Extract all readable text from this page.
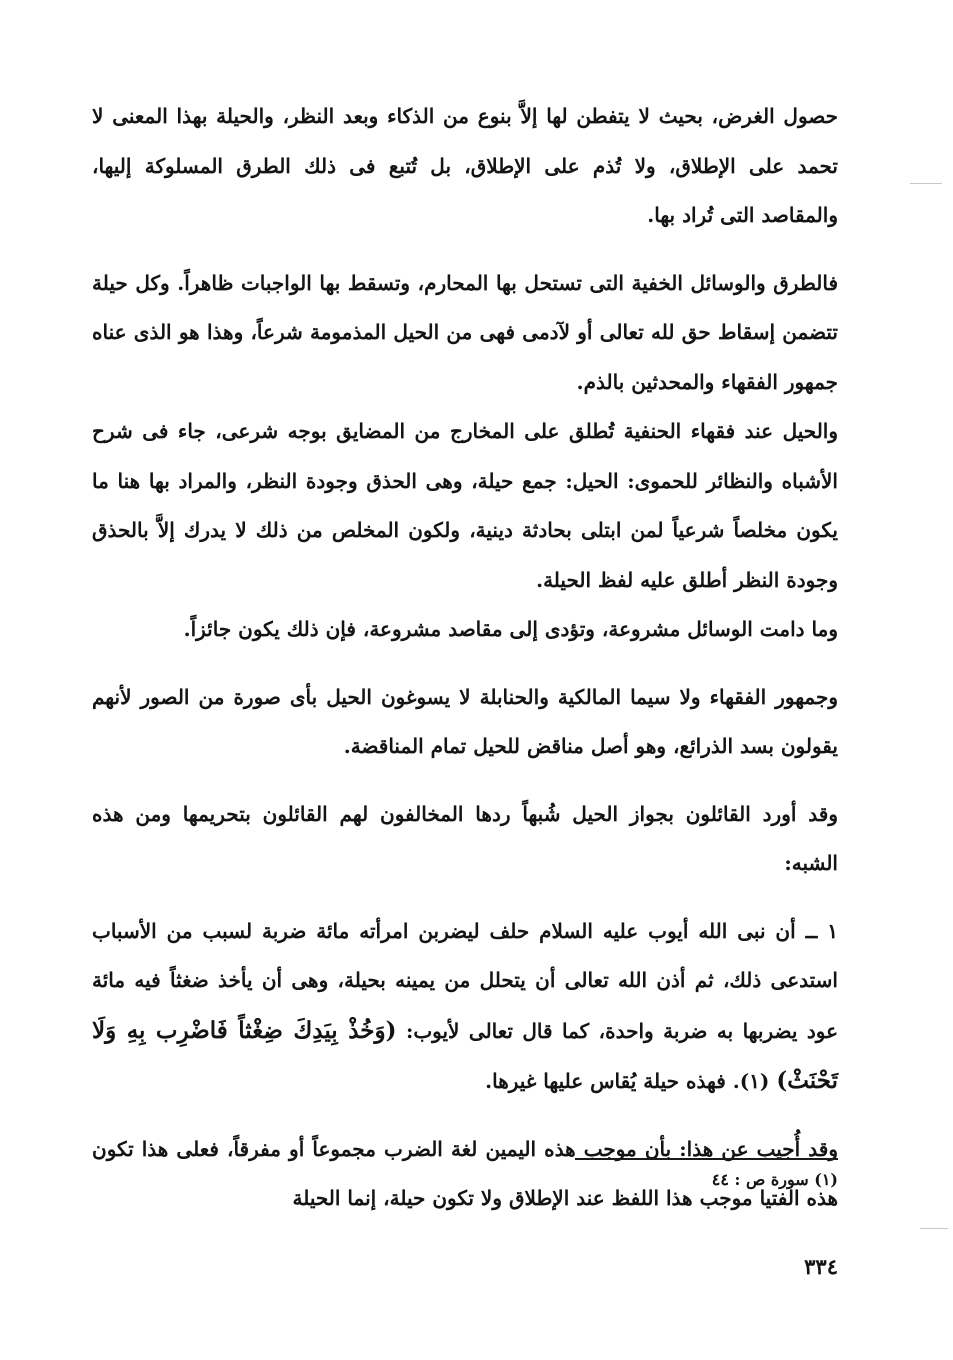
حصول الغرض، بحيث لا يتفطن لها إلاَّ بنوع من الذكاء وبعد النظر، والحيلة بهذا المعنى لا تحمد على الإطلاق، ولا تُذم على الإطلاق، بل تُتبع فى ذلك الطرق المسلوكة إليها، والمقاصد التى تُراد بها.

فالطرق والوسائل الخفية التى تستحل بها المحارم، وتسقط بها الواجبات ظاهراً. وكل حيلة تتضمن إسقاط حق لله تعالى أو لآدمى فهى من الحيل المذمومة شرعاً، وهذا هو الذى عناه جمهور الفقهاء والمحدثين بالذم.

والحيل عند فقهاء الحنفية تُطلق على المخارج من المضايق بوجه شرعى، جاء فى شرح الأشباه والنظائر للحموى: الحيل: جمع حيلة، وهى الحذق وجودة النظر، والمراد بها هنا ما يكون مخلصاً شرعياً لمن ابتلى بحادثة دينية، ولكون المخلص من ذلك لا يدرك إلاَّ بالحذق وجودة النظر أطلق عليه لفظ الحيلة.

وما دامت الوسائل مشروعة، وتؤدى إلى مقاصد مشروعة، فإن ذلك يكون جائزاً.

وجمهور الفقهاء ولا سيما المالكية والحنابلة لا يسوغون الحيل بأى صورة من الصور لأنهم يقولون بسد الذرائع، وهو أصل مناقض للحيل تمام المناقضة.

وقد أورد القائلون بجواز الحيل شُبهاً ردها المخالفون لهم القائلون بتحريمها ومن هذه الشبه:

١ ــ أن نبى الله أيوب عليه السلام حلف ليضربن امرأته مائة ضربة لسبب من الأسباب استدعى ذلك، ثم أذن الله تعالى أن يتحلل من يمينه بحيلة، وهى أن يأخذ ضغثاً فيه مائة عود يضربها به ضربة واحدة، كما قال تعالى لأيوب: (وَخُذْ بِيَدِكَ ضِغْثاً فَاضْرِب بِهِ وَلَا تَحْنَثْ) (١). فهذه حيلة يُقاس عليها غيرها.

وقد أُجيب عن هذا: بأن موجب هذه اليمين لغة الضرب مجموعاً أو مفرقاً، فعلى هذا تكون هذه الفتيا موجب هذا اللفظ عند الإطلاق ولا تكون حيلة، إنما الحيلة

(١) سورة ص : ٤٤
٣٣٤
